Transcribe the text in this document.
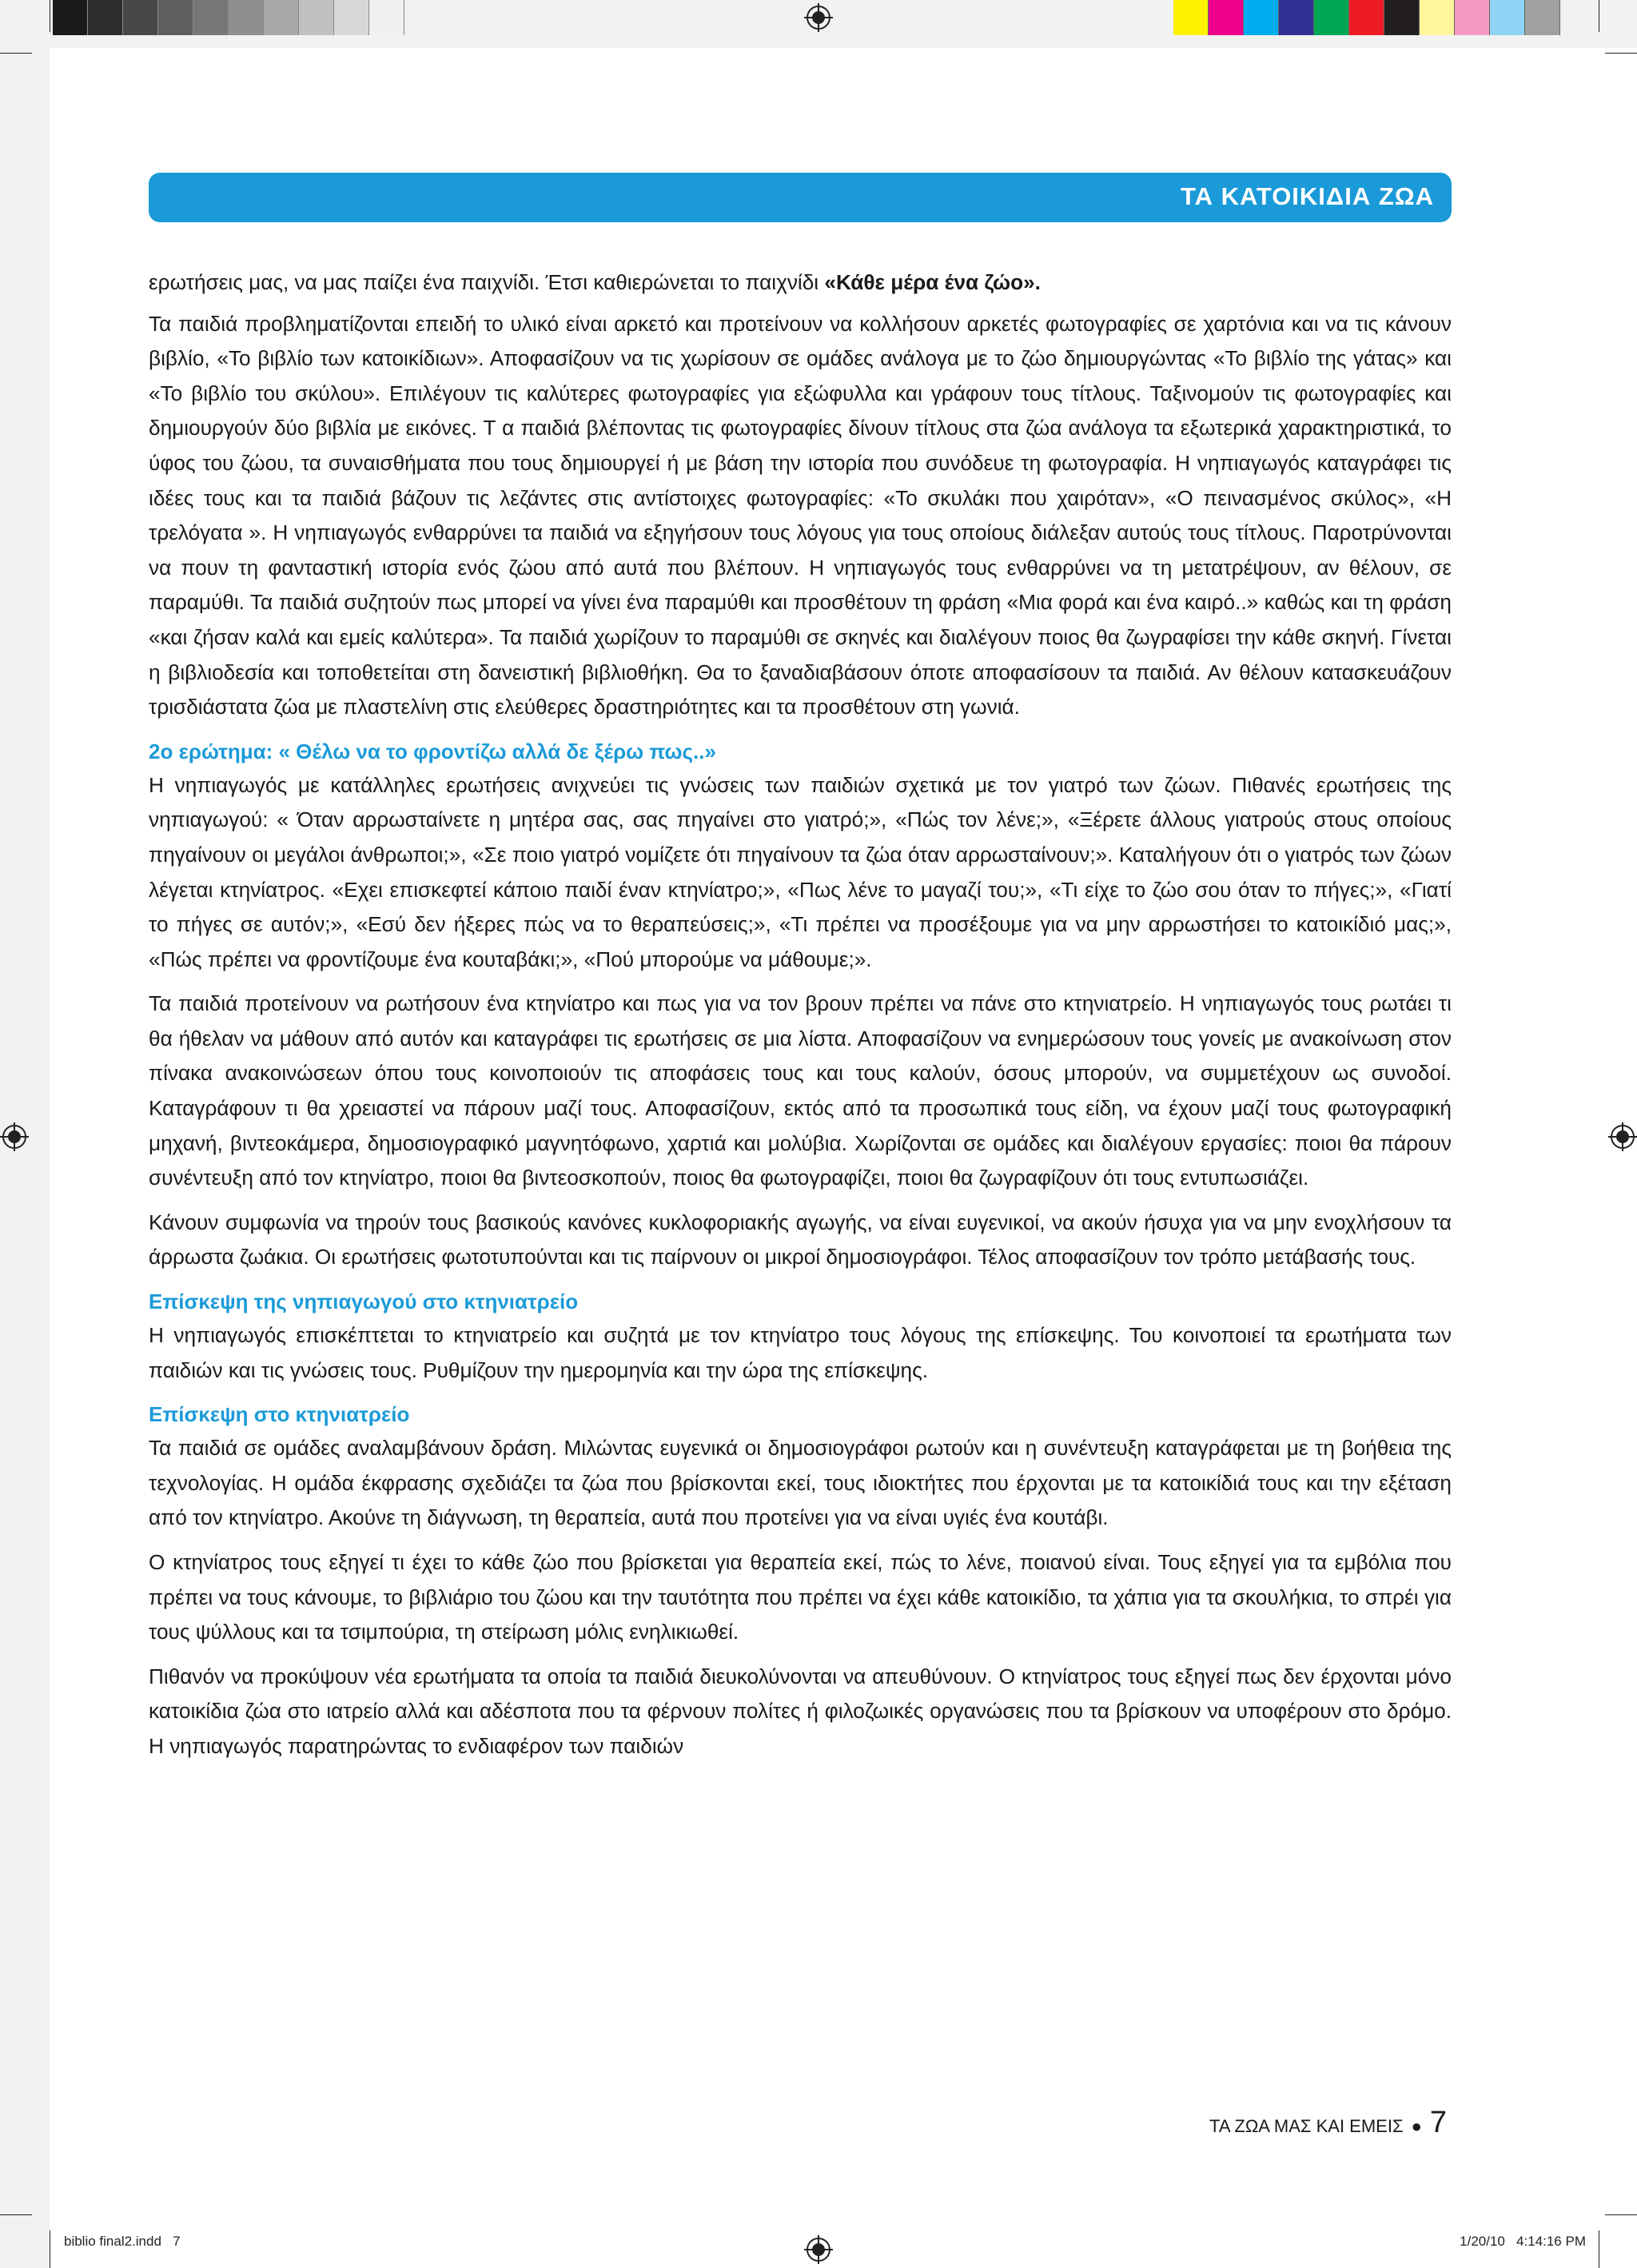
ΤΑ ΚΑΤΟΙΚΙΔΙΑ ΖΩΑ

ερωτήσεις μας, να μας παίζει ένα παιχνίδι. Έτσι καθιερώνεται το παιχνίδι «Κάθε μέρα ένα ζώο».

Τα παιδιά προβληματίζονται επειδή το υλικό είναι αρκετό και προτείνουν να κολλήσουν αρκετές φωτογραφίες σε χαρτόνια και να τις κάνουν βιβλίο, «Το βιβλίο των κατοικίδιων». Αποφασίζουν να τις χωρίσουν σε ομάδες ανάλογα με το ζώο δημιουργώντας «Το βιβλίο της γάτας» και «Το βιβλίο του σκύλου». Επιλέγουν τις καλύτερες φωτογραφίες για εξώφυλλα και γράφουν τους τίτλους. Ταξινομούν τις φωτογραφίες και δημιουργούν δύο βιβλία με εικόνες. Τ α παιδιά βλέποντας τις φωτογραφίες δίνουν τίτλους στα ζώα ανάλογα τα εξωτερικά χαρακτηριστικά, το ύφος του ζώου, τα συναισθήματα που τους δημιουργεί ή με βάση την ιστορία που συνόδευε τη φωτογραφία. Η νηπιαγωγός καταγράφει τις ιδέες τους και τα παιδιά βάζουν τις λεζάντες στις αντίστοιχες φωτογραφίες: «Το σκυλάκι που χαιρόταν», «Ο πεινασμένος σκύλος», «Η τρελόγατα ». Η νηπιαγωγός ενθαρρύνει τα παιδιά να εξηγήσουν τους λόγους για τους οποίους διάλεξαν αυτούς τους τίτλους. Παροτρύνονται να πουν τη φανταστική ιστορία ενός ζώου από αυτά που βλέπουν. Η νηπιαγωγός τους ενθαρρύνει να τη μετατρέψουν, αν θέλουν, σε παραμύθι. Τα παιδιά συζητούν πως μπορεί να γίνει ένα παραμύθι και προσθέτουν τη φράση «Μια φορά και ένα καιρό..» καθώς και τη φράση «και ζήσαν καλά και εμείς καλύτερα». Τα παιδιά χωρίζουν το παραμύθι σε σκηνές και διαλέγουν ποιος θα ζωγραφίσει την κάθε σκηνή. Γίνεται η βιβλιοδεσία και τοποθετείται στη δανειστική βιβλιοθήκη. Θα το ξαναδιαβάσουν όποτε αποφασίσουν τα παιδιά. Αν θέλουν κατασκευάζουν τρισδιάστατα ζώα με πλαστελίνη στις ελεύθερες δραστηριότητες και τα προσθέτουν στη γωνιά.

2ο ερώτημα: « Θέλω να το φροντίζω αλλά δε ξέρω πως..»

Η νηπιαγωγός με κατάλληλες ερωτήσεις ανιχνεύει τις γνώσεις των παιδιών σχετικά με τον γιατρό των ζώων. Πιθανές ερωτήσεις της νηπιαγωγού: « Όταν αρρωσταίνετε η μητέρα σας, σας πηγαίνει στο γιατρό;», «Πώς τον λένε;», «Ξέρετε άλλους γιατρούς στους οποίους πηγαίνουν οι μεγάλοι άνθρωποι;», «Σε ποιο γιατρό νομίζετε ότι πηγαίνουν τα ζώα όταν αρρωσταίνουν;». Καταλήγουν ότι ο γιατρός των ζώων λέγεται κτηνίατρος. «Εχει επισκεφτεί κάποιο παιδί έναν κτηνίατρο;», «Πως λένε το μαγαζί του;», «Τι είχε το ζώο σου όταν το πήγες;», «Γιατί το πήγες σε αυτόν;», «Εσύ δεν ήξερες πώς να το θεραπεύσεις;», «Τι πρέπει να προσέξουμε για να μην αρρωστήσει το κατοικίδιό μας;», «Πώς πρέπει να φροντίζουμε ένα κουταβάκι;», «Πού μπορούμε να μάθουμε;».

Τα παιδιά προτείνουν να ρωτήσουν ένα κτηνίατρο και πως για να τον βρουν πρέπει να πάνε στο κτηνιατρείο. Η νηπιαγωγός τους ρωτάει τι θα ήθελαν να μάθουν από αυτόν και καταγράφει τις ερωτήσεις σε μια λίστα. Αποφασίζουν να ενημερώσουν τους γονείς με ανακοίνωση στον πίνακα ανακοινώσεων όπου τους κοινοποιούν τις αποφάσεις τους και τους καλούν, όσους μπορούν, να συμμετέχουν ως συνοδοί. Καταγράφουν τι θα χρειαστεί να πάρουν μαζί τους. Αποφασίζουν, εκτός από τα προσωπικά τους είδη, να έχουν μαζί τους φωτογραφική μηχανή, βιντεοκάμερα, δημοσιογραφικό μαγνητόφωνο, χαρτιά και μολύβια. Χωρίζονται σε ομάδες και διαλέγουν εργασίες: ποιοι θα πάρουν συνέντευξη από τον κτηνίατρο, ποιοι θα βιντεοσκοπούν, ποιος θα φωτογραφίζει, ποιοι θα ζωγραφίζουν ότι τους εντυπωσιάζει.

Κάνουν συμφωνία να τηρούν τους βασικούς κανόνες κυκλοφοριακής αγωγής, να είναι ευγενικοί, να ακούν ήσυχα για να μην ενοχλήσουν τα άρρωστα ζωάκια. Οι ερωτήσεις φωτοτυπούνται και τις παίρνουν οι μικροί δημοσιογράφοι. Τέλος αποφασίζουν τον τρόπο μετάβασής τους.

Επίσκεψη της νηπιαγωγού στο κτηνιατρείο

Η νηπιαγωγός επισκέπτεται το κτηνιατρείο και συζητά με τον κτηνίατρο τους λόγους της επίσκεψης. Του κοινοποιεί τα ερωτήματα των παιδιών και τις γνώσεις τους. Ρυθμίζουν την ημερομηνία και την ώρα της επίσκεψης.

Επίσκεψη στο κτηνιατρείο

Τα παιδιά σε ομάδες αναλαμβάνουν δράση. Μιλώντας ευγενικά οι δημοσιογράφοι ρωτούν και η συνέντευξη καταγράφεται με τη βοήθεια της τεχνολογίας. Η ομάδα έκφρασης σχεδιάζει τα ζώα που βρίσκονται εκεί, τους ιδιοκτήτες που έρχονται με τα κατοικίδιά τους και την εξέταση από τον κτηνίατρο. Ακούνε τη διάγνωση, τη θεραπεία, αυτά που προτείνει για να είναι υγιές ένα κουτάβι.

Ο κτηνίατρος τους εξηγεί τι έχει το κάθε ζώο που βρίσκεται για θεραπεία εκεί, πώς το λένε, ποιανού είναι. Τους εξηγεί για τα εμβόλια που πρέπει να τους κάνουμε, το βιβλιάριο του ζώου και την ταυτότητα που πρέπει να έχει κάθε κατοικίδιο, τα χάπια για τα σκουλήκια, το σπρέι για τους ψύλλους και τα τσιμπούρια, τη στείρωση μόλις ενηλικιωθεί.

Πιθανόν να προκύψουν νέα ερωτήματα τα οποία τα παιδιά διευκολύνονται να απευθύνουν. Ο κτηνίατρος τους εξηγεί πως δεν έρχονται μόνο κατοικίδια ζώα στο ιατρείο αλλά και αδέσποτα που τα φέρνουν πολίτες ή φιλοζωικές οργανώσεις που τα βρίσκουν να υποφέρουν στο δρόμο. Η νηπιαγωγός παρατηρώντας το ενδιαφέρον των παιδιών

ΤΑ ΖΩΑ ΜΑΣ ΚΑΙ ΕΜΕΙΣ ● 7
biblio final2.indd   7	1/20/10   4:14:16 PM
